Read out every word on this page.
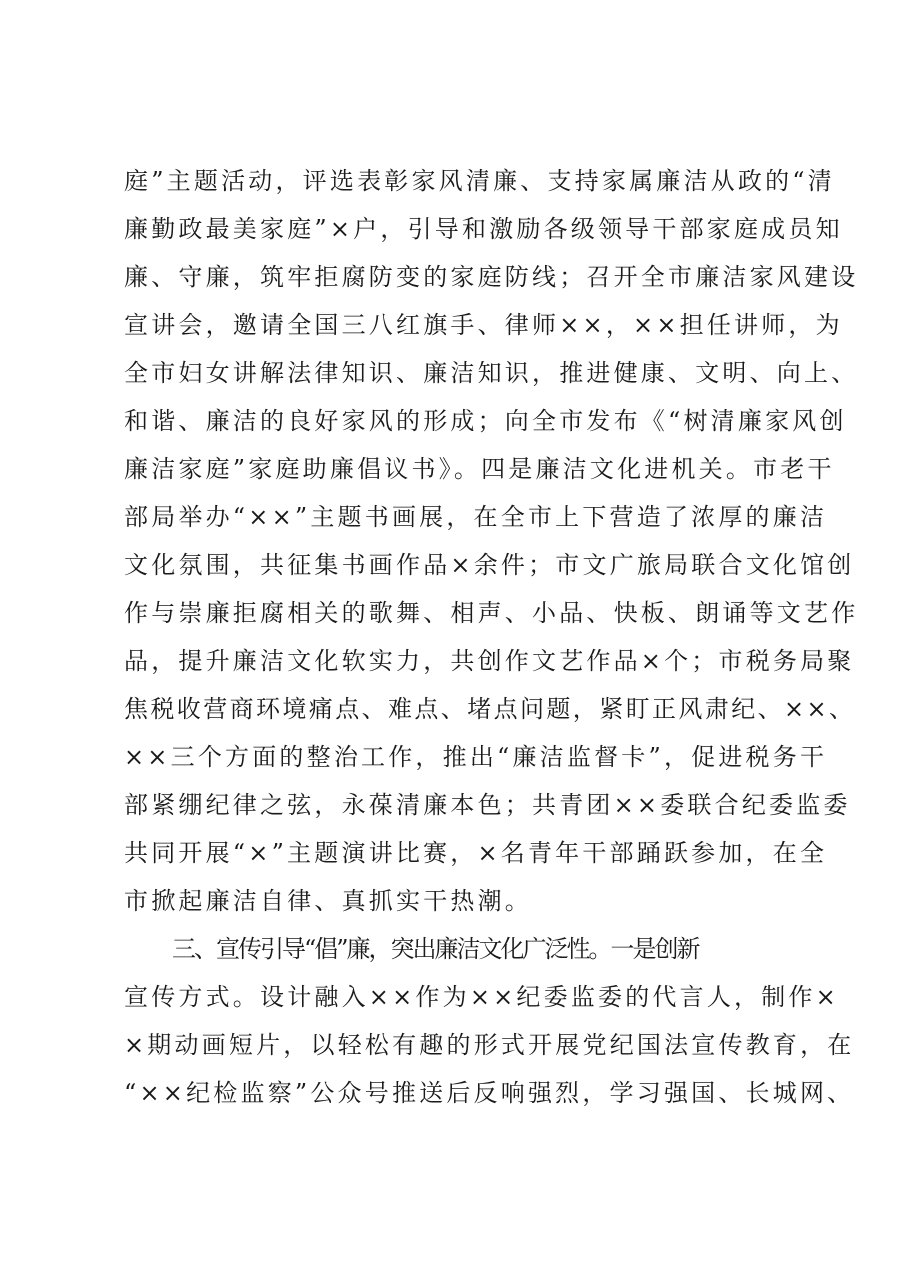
庭”主题活动，评选表彰家风清廉、支持家属廉洁从政的“清
廉勤政最美家庭”×户，引导和激励各级领导干部家庭成员知
廉、守廉，筑牢拒腐防变的家庭防线；召开全市廉洁家风建设
宣讲会，邀请全国三八红旗手、律师××，××担任讲师，为
全市妇女讲解法律知识、廉洁知识，推进健康、文明、向上、
和谐、廉洁的良好家风的形成；向全市发布《“树清廉家风创
廉洁家庭”家庭助廉倡议书》。四是廉洁文化进机关。市老干
部局举办“××”主题书画展，在全市上下营造了浓厚的廉洁
文化氛围，共征集书画作品×余件；市文广旅局联合文化馆创
作与崇廉拒腐相关的歌舞、相声、小品、快板、朗诵等文艺作
品，提升廉洁文化软实力，共创作文艺作品×个；市税务局聚
焦税收营商环境痛点、难点、堵点问题，紧盯正风肃纪、××、
××三个方面的整治工作，推出“廉洁监督卡”，促进税务干
部紧绷纪律之弦，永葆清廉本色；共青团××委联合纪委监委
共同开展“×”主题演讲比赛，×名青年干部踊跃参加，在全
市掀起廉洁自律、真抓实干热潮。
三、宣传引导“倡”廉，突出廉洁文化广泛性。一是创新
宣传方式。设计融入××作为××纪委监委的代言人，制作×
×期动画短片，以轻松有趣的形式开展党纪国法宣传教育，在
“××纪检监察”公众号推送后反响强烈，学习强国、长城网、
